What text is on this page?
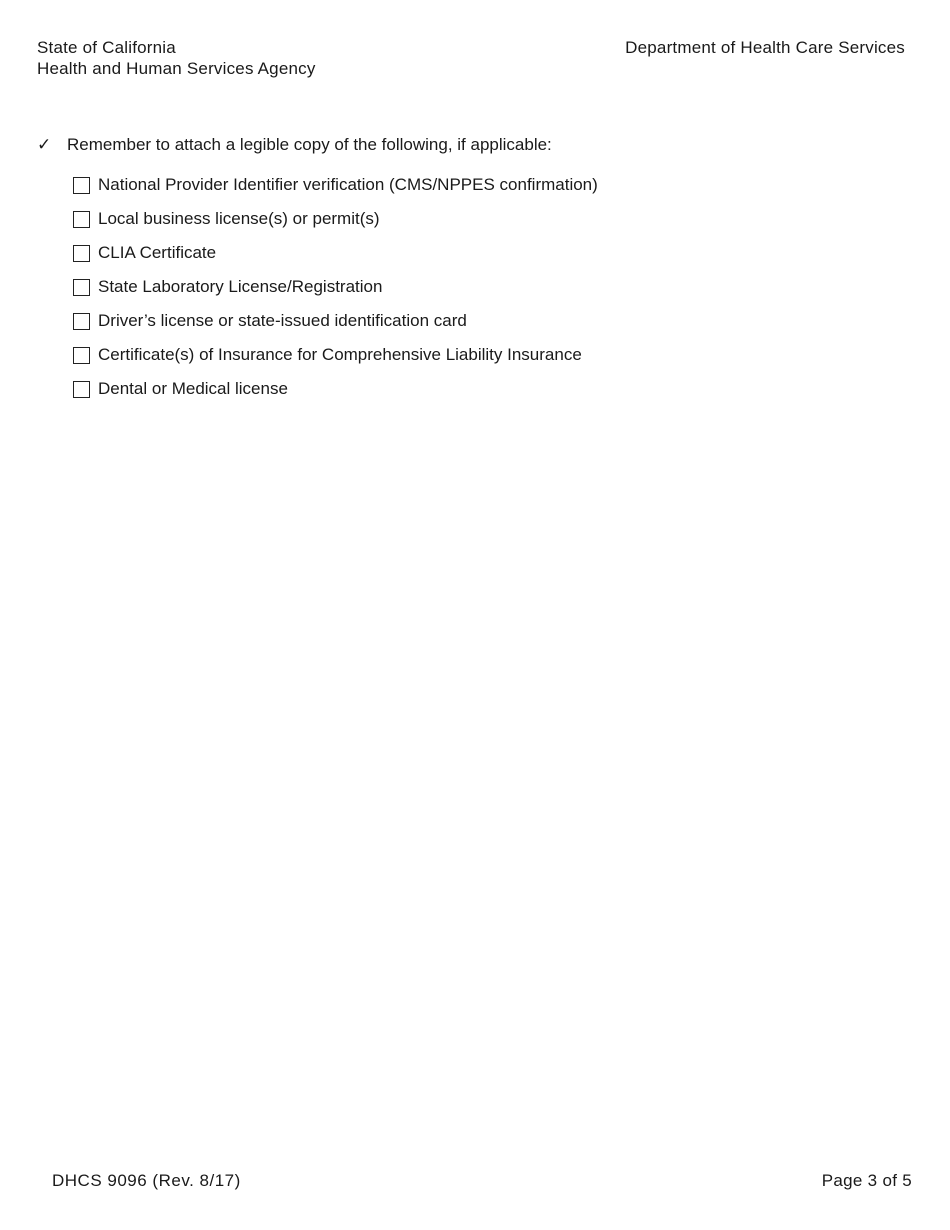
State of California
Health and Human Services Agency
Department of Health Care Services
✓ Remember to attach a legible copy of the following, if applicable:
National Provider Identifier verification (CMS/NPPES confirmation)
Local business license(s) or permit(s)
CLIA Certificate
State Laboratory License/Registration
Driver’s license or state-issued identification card
Certificate(s) of Insurance for Comprehensive Liability Insurance
Dental or Medical license
DHCS 9096 (Rev. 8/17)	Page 3 of 5
